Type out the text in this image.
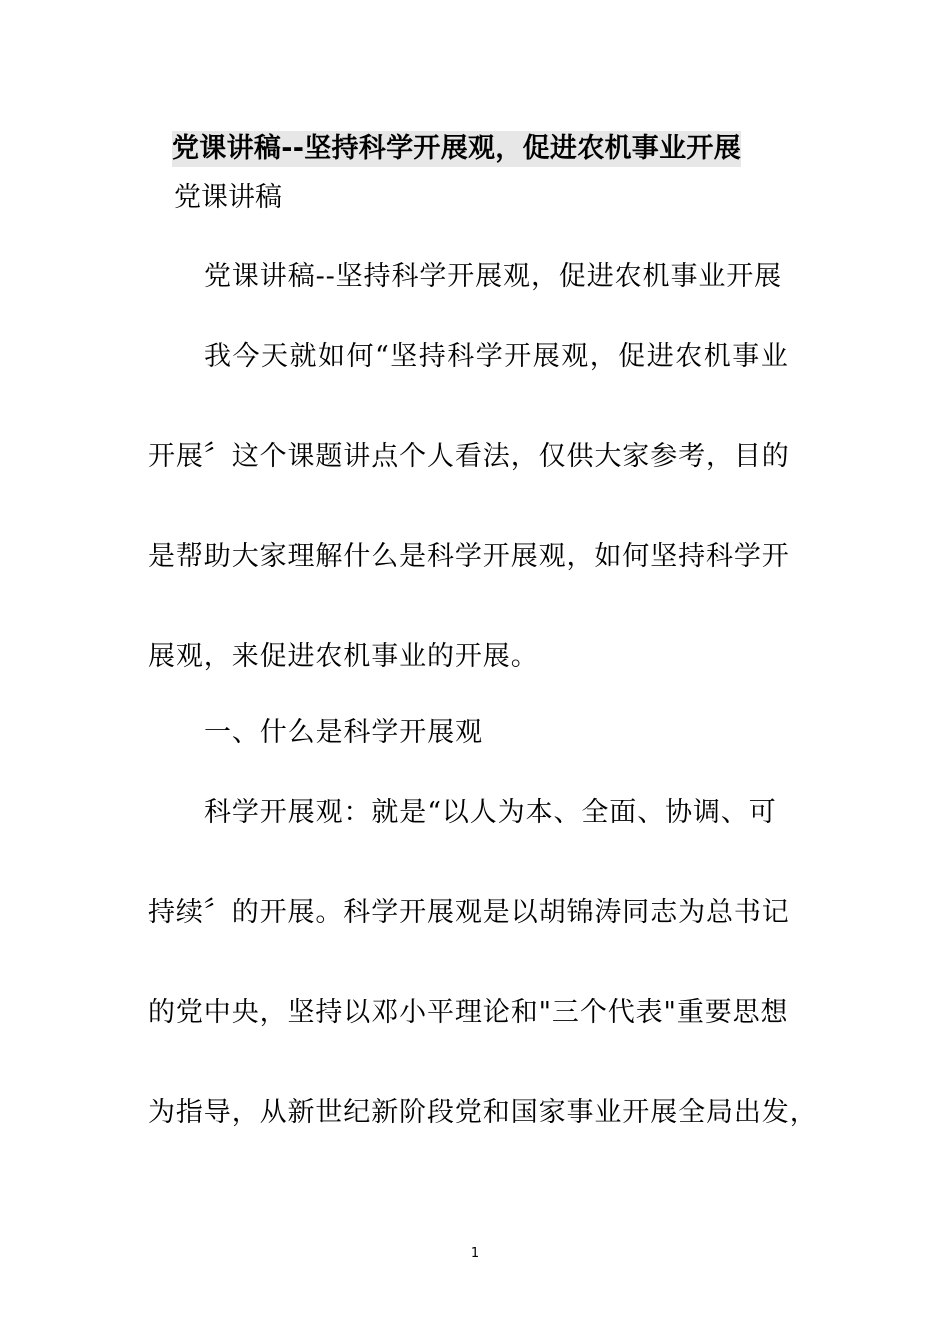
党课讲稿--坚持科学开展观，促进农机事业开展
党课讲稿
党课讲稿--坚持科学开展观，促进农机事业开展
我今天就如何“坚持科学开展观，促进农机事业
开展〞这个课题讲点个人看法，仅供大家参考，目的
是帮助大家理解什么是科学开展观，如何坚持科学开
展观，来促进农机事业的开展。
一、什么是科学开展观
科学开展观：就是“以人为本、全面、协调、可
持续〞的开展。科学开展观是以胡锦涛同志为总书记
的党中央，坚持以邓小平理论和"三个代表"重要思想
为指导，从新世纪新阶段党和国家事业开展全局出发，
1
